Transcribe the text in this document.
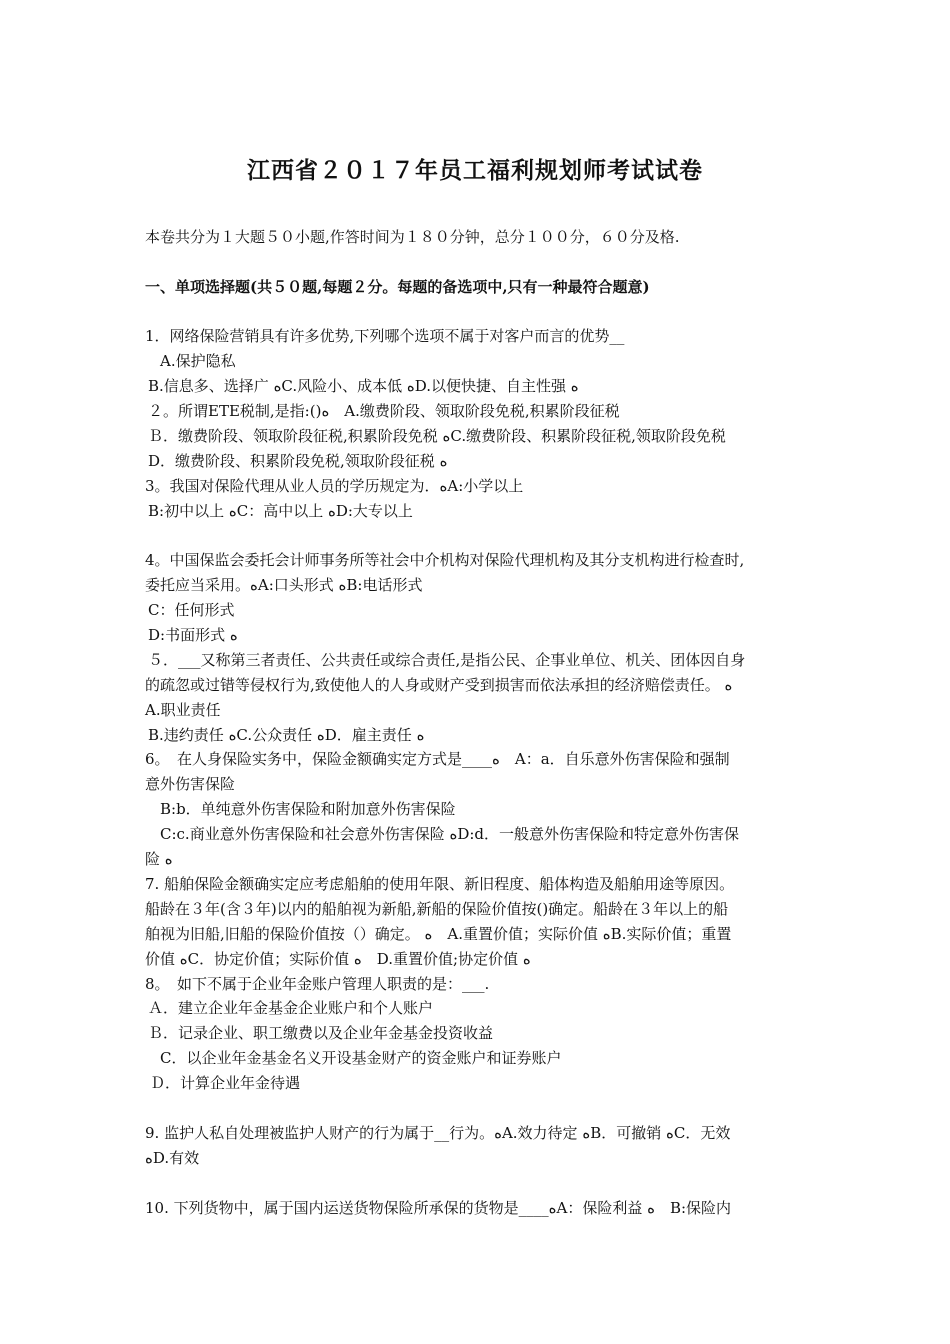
江西省２０１７年员工福利规划师考试试卷
本卷共分为１大题５０小题,作答时间为１８０分钟，总分１００分，６０分及格.
一、单项选择题(共５０题,每题２分。每题的备选项中,只有一种最符合题意)
1．网络保险营销具有许多优势,下列哪个选项不属于对客户而言的优势__
A.保护隐私
B.信息多、选择广 ﻩC.风险小、成本低 ﻩD.以便快捷、自主性强 ﻩ
２。所谓ETE税制,是指:()ﻩ　A.缴费阶段、领取阶段免税,积累阶段征税
Ｂ．缴费阶段、领取阶段征税,积累阶段免税 ﻩC.缴费阶段、积累阶段征税,领取阶段免税
D．缴费阶段、积累阶段免税,领取阶段征税 ﻩ
3。我国对保险代理从业人员的学历规定为．ﻩA:小学以上
B:初中以上 ﻩC：高中以上 ﻩD:大专以上
4。中国保监会委托会计师事务所等社会中介机构对保险代理机构及其分支机构进行检查时,
委托应当采用。ﻩA:口头形式 ﻩB:电话形式
C：任何形式
D:书面形式 ﻩ
５．___又称第三者责任、公共责任或综合责任,是指公民、企事业单位、机关、团体因自身
的疏忽或过错等侵权行为,致使他人的人身或财产受到损害而依法承担的经济赔偿责任。 ﻩ
A.职业责任
B.违约责任 ﻩC.公众责任 ﻩD．雇主责任 ﻩ
6。　在人身保险实务中，保险金额确实定方式是____ﻩ　A：a．自乐意外伤害保险和强制
意外伤害保险
B:b．单纯意外伤害保险和附加意外伤害保险
C:c.商业意外伤害保险和社会意外伤害保险 ﻩD:d．一般意外伤害保险和特定意外伤害保
险 ﻩ
7. 船舶保险金额确实定应考虑船舶的使用年限、新旧程度、船体构造及船舶用途等原因。
船龄在３年(含３年)以内的船舶视为新船,新船的保险价值按()确定。船龄在３年以上的船
舶视为旧船,旧船的保险价值按（）确定。 ﻩ　A.重置价值；实际价值 ﻩB.实际价值；重置
价值 ﻩC．协定价值；实际价值 ﻩ　D.重置价值;协定价值 ﻩ
8。　如下不属于企业年金账户管理人职责的是：___.
Ａ．建立企业年金基金企业账户和个人账户
Ｂ．记录企业、职工缴费以及企业年金基金投资收益
C．以企业年金基金名义开设基金财产的资金账户和证券账户
Ｄ．计算企业年金待遇
9. 监护人私自处理被监护人财产的行为属于__行为。ﻩA.效力待定 ﻩB．可撤销 ﻩC．无效
ﻩD.有效
10. 下列货物中，属于国内运送货物保险所承保的货物是____ﻩA：保险利益 ﻩ　B:保险内
